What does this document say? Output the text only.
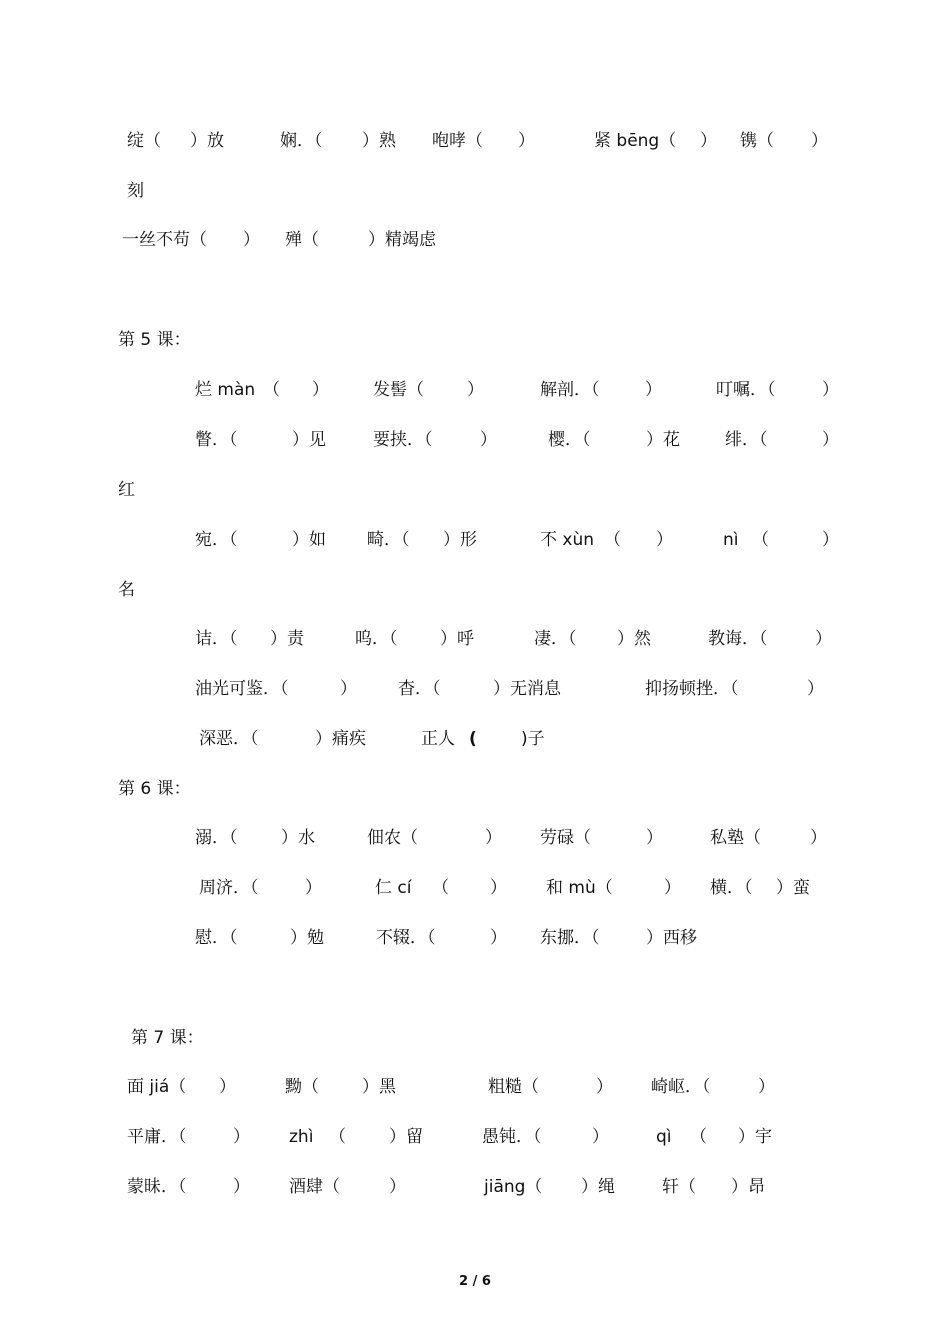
绽（ ）放	娴．（ ）熟 咆哮（ ）	紧 bēng（ ） 镌（ ）
刻
一丝不苟（ ） 殚（	）精竭虑
第 5 课：
烂 màn （ ）	发髻（	）	解剖．（	）	叮嘱．（	）
瞥．（	）见	要挟．（	）	樱．（	）花	绯．（	）
红
宛．（	）如 畸．（ ）形	不 xùn （ ）	nì （	）
名
诘．（ ）责	呜．（	）呼	凄．（ ）然	教诲．（	）
油光可鉴．（	） 杳．（	）无消息	抑扬顿挫．（	）
深恶．（	）痛疾	正人 (	)子
第 6 课：
溺．（	）水	佃农（	） 劳碌（	）	私塾（	）
周济．（	）	仁 cí （ ） 和 mù（	） 横．（ ）蛮
慰．（	）勉	不辍．（	） 东挪．（	）西移
第 7 课：
面 jiá（ ）	黝（	）黑	粗糙（	） 崎岖．（	）
平庸．（	） zhì （	）留	愚钝．（	）	qì （ ）宇
蒙昧．（	） 酒肆（	）	jiāng（ ）绳	轩（ ）昂
2 / 6
